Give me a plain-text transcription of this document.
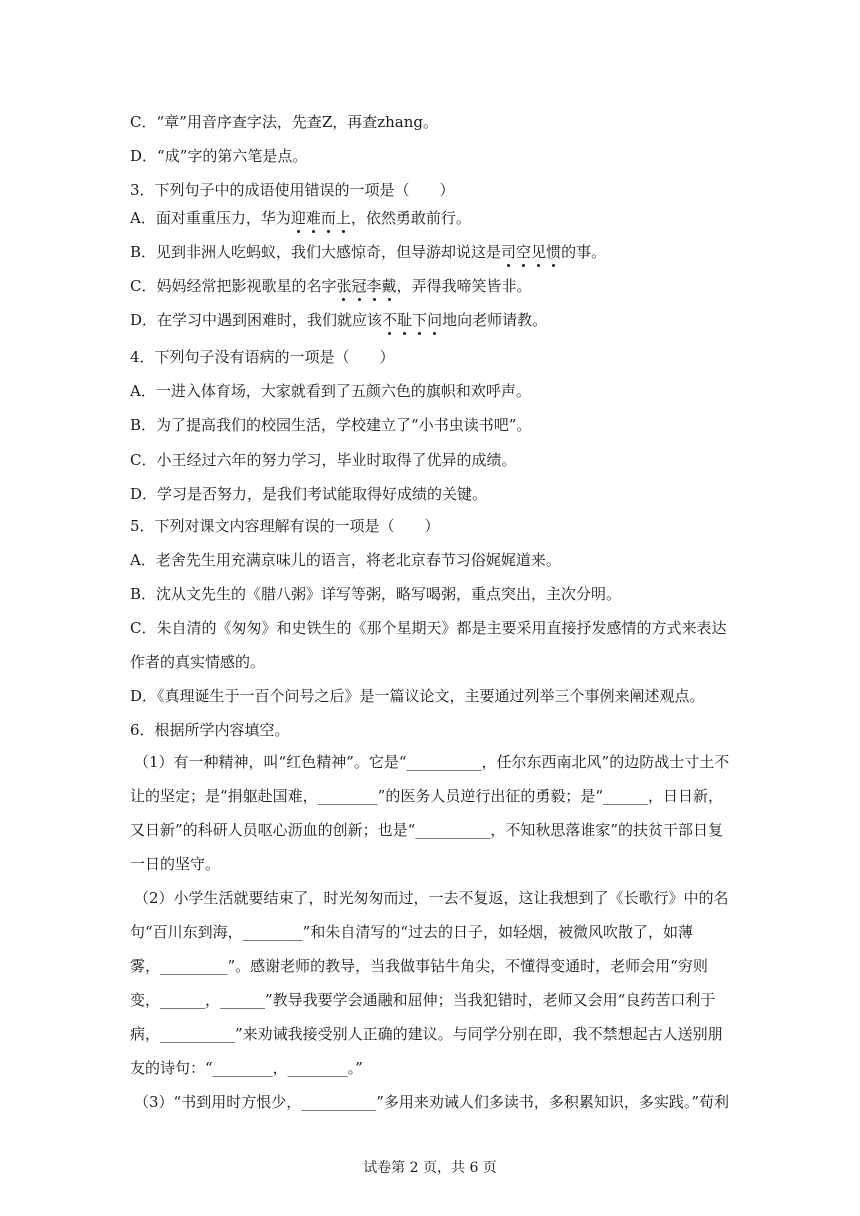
C．“章”用音序查字法，先查Z，再查zhang。
D．“成”字的第六笔是点。
3．下列句子中的成语使用错误的一项是（　　）
A．面对重重压力，华为迎
难
而
上
，依然勇敢前行。
B．见到非洲人吃蚂蚁，我们大感惊奇，但导游却说这是司
空
见
惯
的事。
C．妈妈经常把影视歌星的名字张
冠
李
戴
，弄得我啼笑皆非。
D．在学习中遇到困难时，我们就应该不
耻
下
问
地向老师请教。
4．下列句子没有语病的一项是（　　）
A．一进入体育场，大家就看到了五颜六色的旗帜和欢呼声。
B．为了提高我们的校园生活，学校建立了“小书虫读书吧”。
C．小王经过六年的努力学习，毕业时取得了优异的成绩。
D．学习是否努力，是我们考试能取得好成绩的关键。
5．下列对课文内容理解有误的一项是（　　）
A．老舍先生用充满京味儿的语言，将老北京春节习俗娓娓道来。
B．沈从文先生的《腊八粥》详写等粥，略写喝粥，重点突出，主次分明。
C．朱自清的《匆匆》和史铁生的《那个星期天》都是主要采用直接抒发感情的方式来表达
作者的真实情感的。
D．《真理诞生于一百个问号之后》是一篇议论文，主要通过列举三个事例来阐述观点。
6．根据所学内容填空。
（1）有一种精神，叫“红色精神”。它是“__________，任尔东西南北风”的边防战士寸土不
让的坚定；是“捐躯赴国难，________”的医务人员逆行出征的勇毅；是“______，日日新，
又日新”的科研人员呕心沥血的创新；也是“__________，不知秋思落谁家”的扶贫干部日复
一日的坚守。
（2）小学生活就要结束了，时光匆匆而过，一去不复返，这让我想到了《长歌行》中的名
句“百川东到海，________”和朱自清写的“过去的日子，如轻烟，被微风吹散了，如薄
雾，_________”。感谢老师的教导，当我做事钻牛角尖，不懂得变通时，老师会用“穷则
变，______，______”教导我要学会通融和屈伸；当我犯错时，老师又会用“良药苦口利于
病，__________”来劝诫我接受别人正确的建议。与同学分别在即，我不禁想起古人送别朋
友的诗句：“________，________。”
（3）“书到用时方恨少，__________”多用来劝诫人们多读书，多积累知识，多实践。”荀利
试卷第 2 页，共 6 页
